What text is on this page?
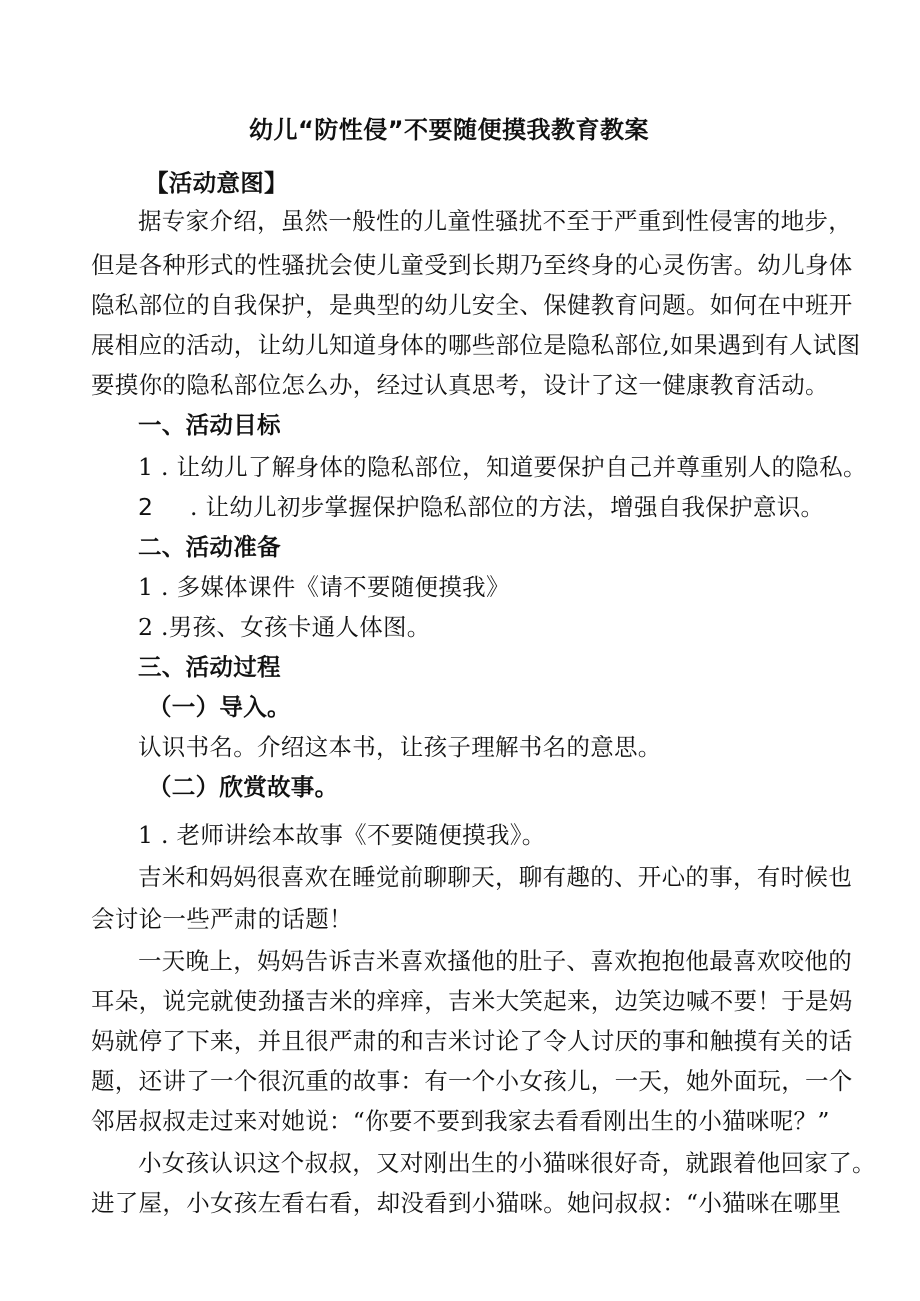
幼儿“防性侵”不要随便摸我教育教案
【活动意图】
据专家介绍，虽然一般性的儿童性骚扰不至于严重到性侵害的地步，
但是各种形式的性骚扰会使儿童受到长期乃至终身的心灵伤害。幼儿身体
隐私部位的自我保护，是典型的幼儿安全、保健教育问题。如何在中班开
展相应的活动，让幼儿知道身体的哪些部位是隐私部位,如果遇到有人试图
要摸你的隐私部位怎么办，经过认真思考，设计了这一健康教育活动。
一、活动目标
1 . 让幼儿了解身体的隐私部位，知道要保护自己并尊重别人的隐私。
2 . 让幼儿初步掌握保护隐私部位的方法，增强自我保护意识。
二、活动准备
1 . 多媒体课件《请不要随便摸我》
2 .男孩、女孩卡通人体图。
三、活动过程
（一）导入。
认识书名。介绍这本书，让孩子理解书名的意思。
（二）欣赏故事。
1 . 老师讲绘本故事《不要随便摸我》。
吉米和妈妈很喜欢在睡觉前聊聊天，聊有趣的、开心的事，有时候也
会讨论一些严肃的话题！
一天晚上，妈妈告诉吉米喜欢搔他的肚子、喜欢抱抱他最喜欢咬他的
耳朵，说完就使劲搔吉米的痒痒，吉米大笑起来，边笑边喊不要！于是妈
妈就停了下来，并且很严肃的和吉米讨论了令人讨厌的事和触摸有关的话
题，还讲了一个很沉重的故事：有一个小女孩儿，一天，她外面玩，一个
邻居叔叔走过来对她说：“你要不要到我家去看看刚出生的小猫咪呢？”
小女孩认识这个叔叔，又对刚出生的小猫咪很好奇，就跟着他回家了。
进了屋，小女孩左看右看，却没看到小猫咪。她问叔叔：“小猫咪在哪里
